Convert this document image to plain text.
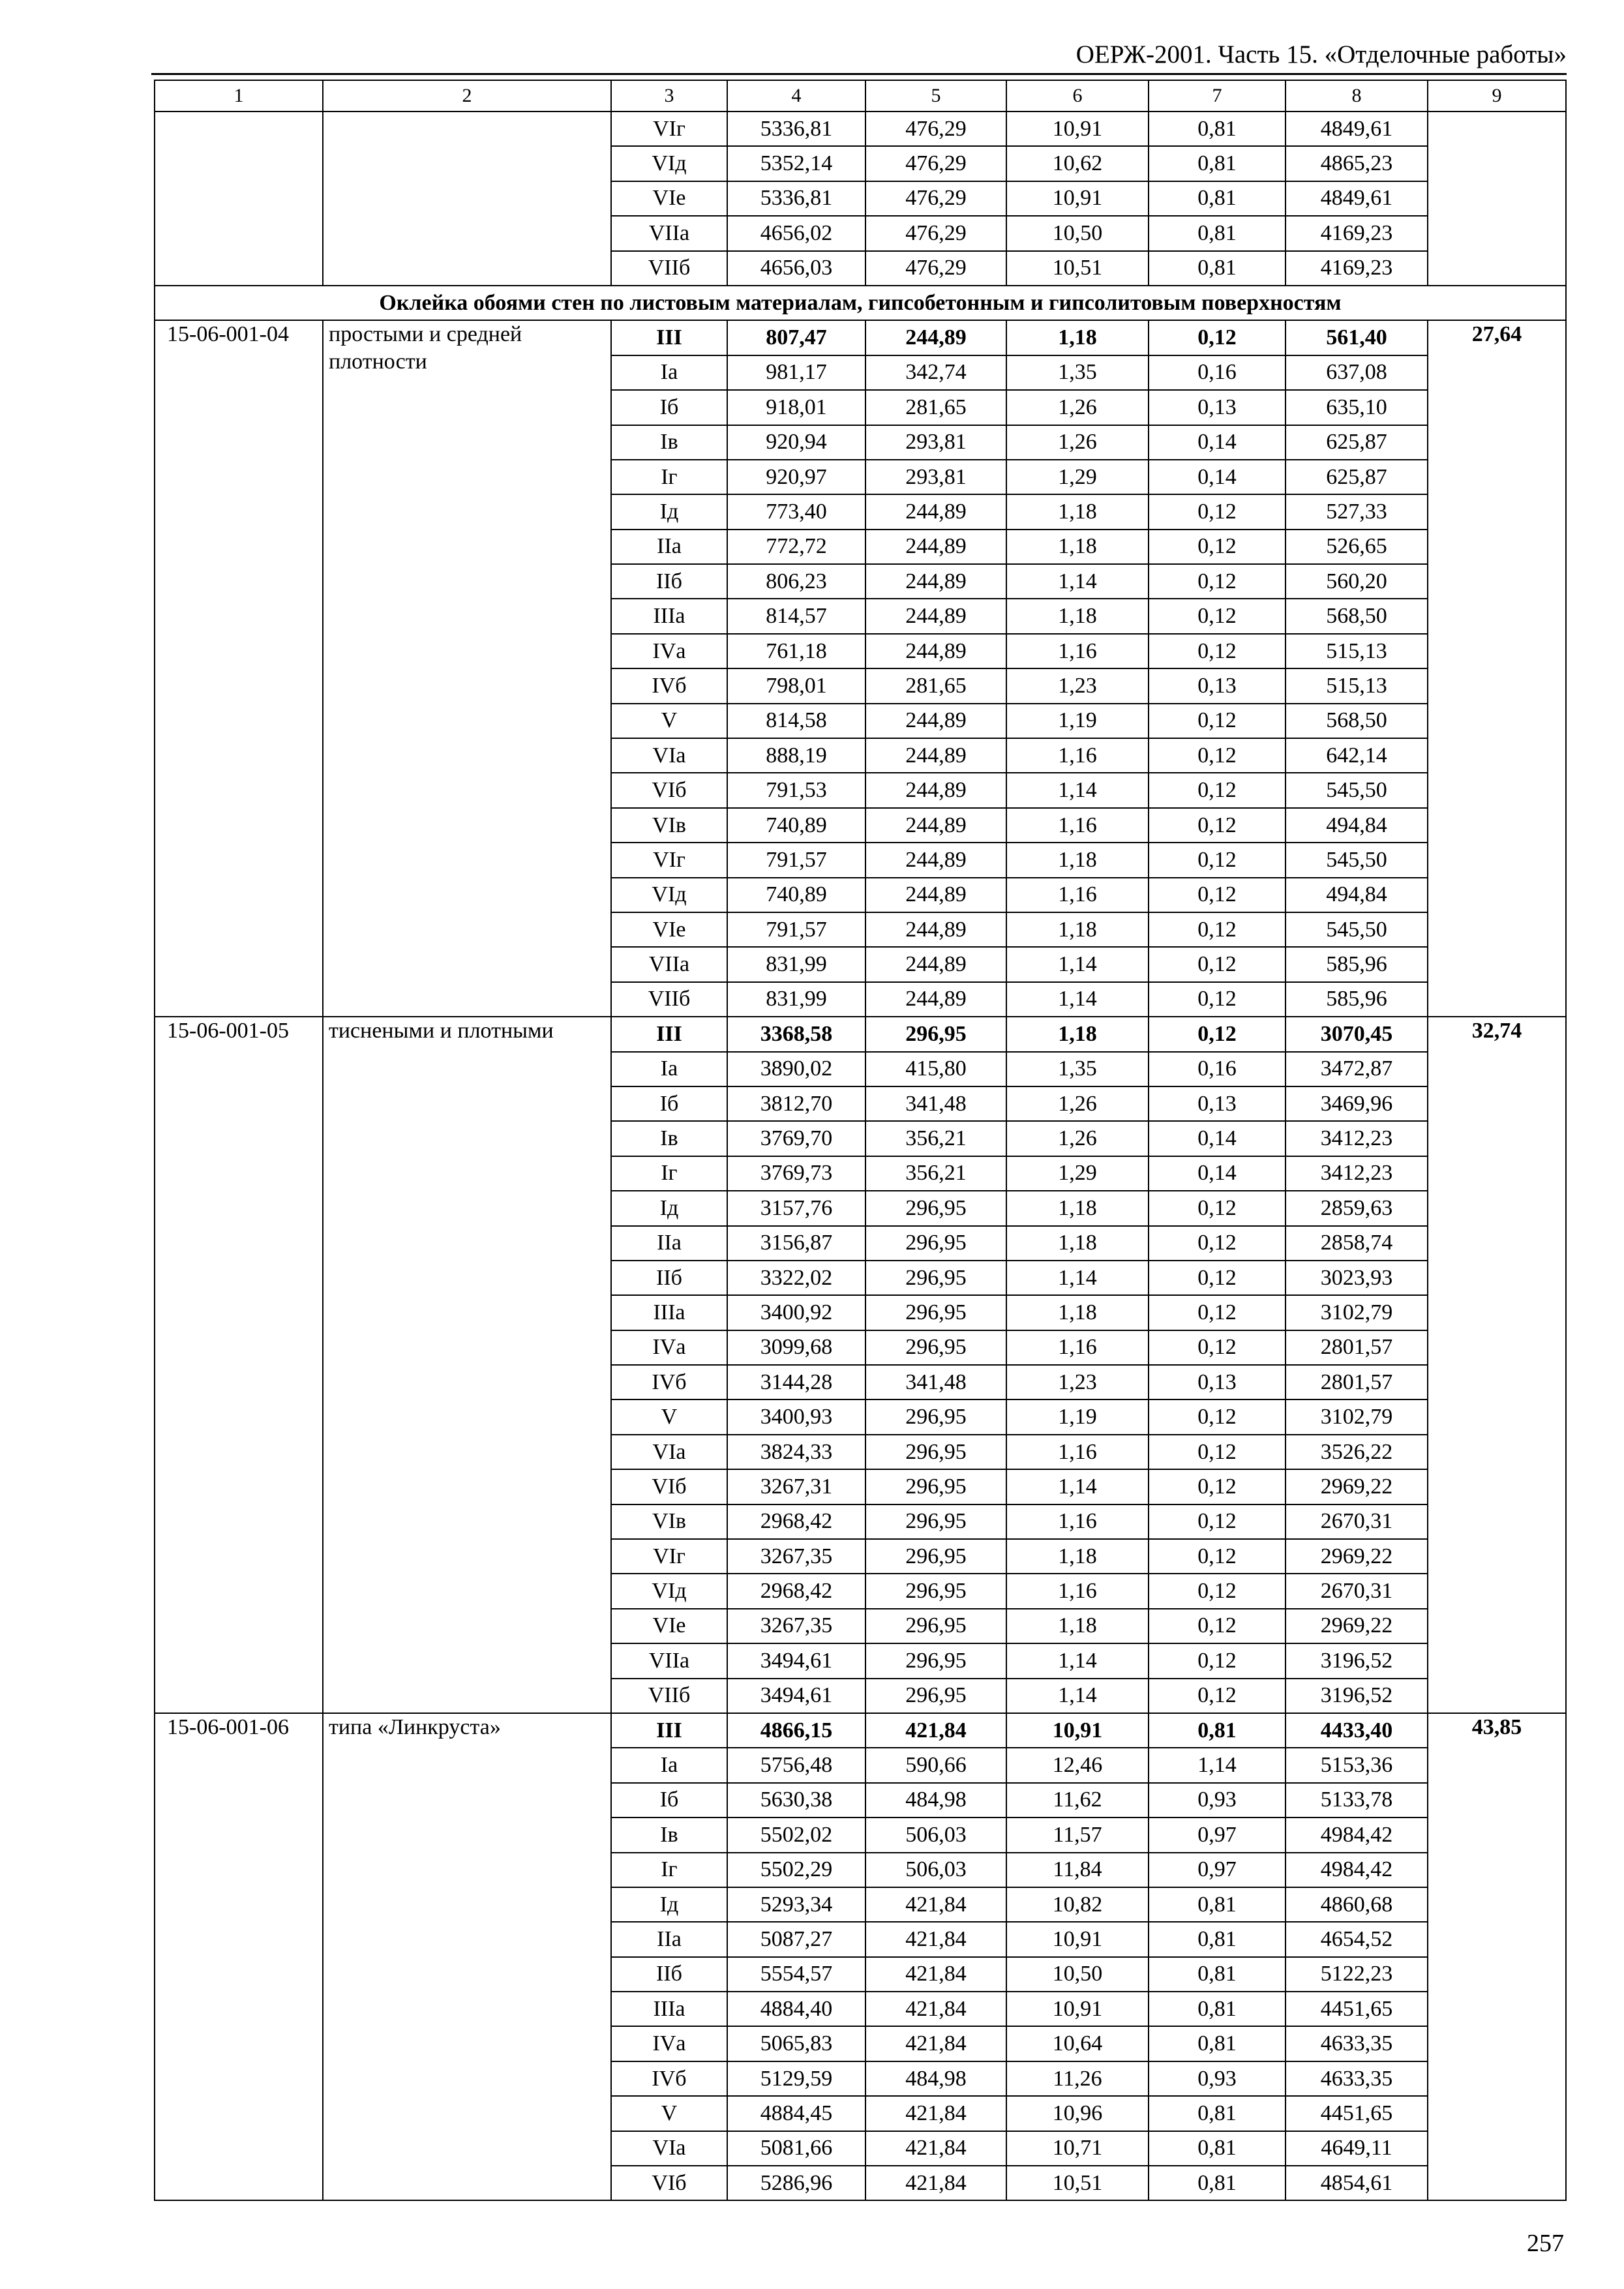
ОЕРЖ-2001. Часть 15. «Отделочные работы»
1	2	3	4	5	6	7	8	9
		VIг	5336,81	476,29	10,91	0,81	4849,61	
		VIд	5352,14	476,29	10,62	0,81	4865,23	
		VIе	5336,81	476,29	10,91	0,81	4849,61	
		VIIа	4656,02	476,29	10,50	0,81	4169,23	
		VIIб	4656,03	476,29	10,51	0,81	4169,23	
Оклейка обоями стен по листовым материалам, гипсобетонным и гипсолитовым поверхностям								
15-06-001-04	простыми и средней плотности	III	807,47	244,89	1,18	0,12	561,40	27,64
		Iа	981,17	342,74	1,35	0,16	637,08	
		Iб	918,01	281,65	1,26	0,13	635,10	
		Iв	920,94	293,81	1,26	0,14	625,87	
		Iг	920,97	293,81	1,29	0,14	625,87	
		Iд	773,40	244,89	1,18	0,12	527,33	
		IIа	772,72	244,89	1,18	0,12	526,65	
		IIб	806,23	244,89	1,14	0,12	560,20	
		IIIа	814,57	244,89	1,18	0,12	568,50	
		IVа	761,18	244,89	1,16	0,12	515,13	
		IVб	798,01	281,65	1,23	0,13	515,13	
		V	814,58	244,89	1,19	0,12	568,50	
		VIа	888,19	244,89	1,16	0,12	642,14	
		VIб	791,53	244,89	1,14	0,12	545,50	
		VIв	740,89	244,89	1,16	0,12	494,84	
		VIг	791,57	244,89	1,18	0,12	545,50	
		VIд	740,89	244,89	1,16	0,12	494,84	
		VIе	791,57	244,89	1,18	0,12	545,50	
		VIIа	831,99	244,89	1,14	0,12	585,96	
		VIIб	831,99	244,89	1,14	0,12	585,96	
15-06-001-05	тиснеными и плотными	III	3368,58	296,95	1,18	0,12	3070,45	32,74
		Iа	3890,02	415,80	1,35	0,16	3472,87	
		Iб	3812,70	341,48	1,26	0,13	3469,96	
		Iв	3769,70	356,21	1,26	0,14	3412,23	
		Iг	3769,73	356,21	1,29	0,14	3412,23	
		Iд	3157,76	296,95	1,18	0,12	2859,63	
		IIа	3156,87	296,95	1,18	0,12	2858,74	
		IIб	3322,02	296,95	1,14	0,12	3023,93	
		IIIа	3400,92	296,95	1,18	0,12	3102,79	
		IVа	3099,68	296,95	1,16	0,12	2801,57	
		IVб	3144,28	341,48	1,23	0,13	2801,57	
		V	3400,93	296,95	1,19	0,12	3102,79	
		VIа	3824,33	296,95	1,16	0,12	3526,22	
		VIб	3267,31	296,95	1,14	0,12	2969,22	
		VIв	2968,42	296,95	1,16	0,12	2670,31	
		VIг	3267,35	296,95	1,18	0,12	2969,22	
		VIд	2968,42	296,95	1,16	0,12	2670,31	
		VIе	3267,35	296,95	1,18	0,12	2969,22	
		VIIа	3494,61	296,95	1,14	0,12	3196,52	
		VIIб	3494,61	296,95	1,14	0,12	3196,52	
15-06-001-06	типа «Линкруста»	III	4866,15	421,84	10,91	0,81	4433,40	43,85
		Iа	5756,48	590,66	12,46	1,14	5153,36	
		Iб	5630,38	484,98	11,62	0,93	5133,78	
		Iв	5502,02	506,03	11,57	0,97	4984,42	
		Iг	5502,29	506,03	11,84	0,97	4984,42	
		Iд	5293,34	421,84	10,82	0,81	4860,68	
		IIа	5087,27	421,84	10,91	0,81	4654,52	
		IIб	5554,57	421,84	10,50	0,81	5122,23	
		IIIа	4884,40	421,84	10,91	0,81	4451,65	
		IVа	5065,83	421,84	10,64	0,81	4633,35	
		IVб	5129,59	484,98	11,26	0,93	4633,35	
		V	4884,45	421,84	10,96	0,81	4451,65	
		VIа	5081,66	421,84	10,71	0,81	4649,11	
		VIб	5286,96	421,84	10,51	0,81	4854,61	
257
